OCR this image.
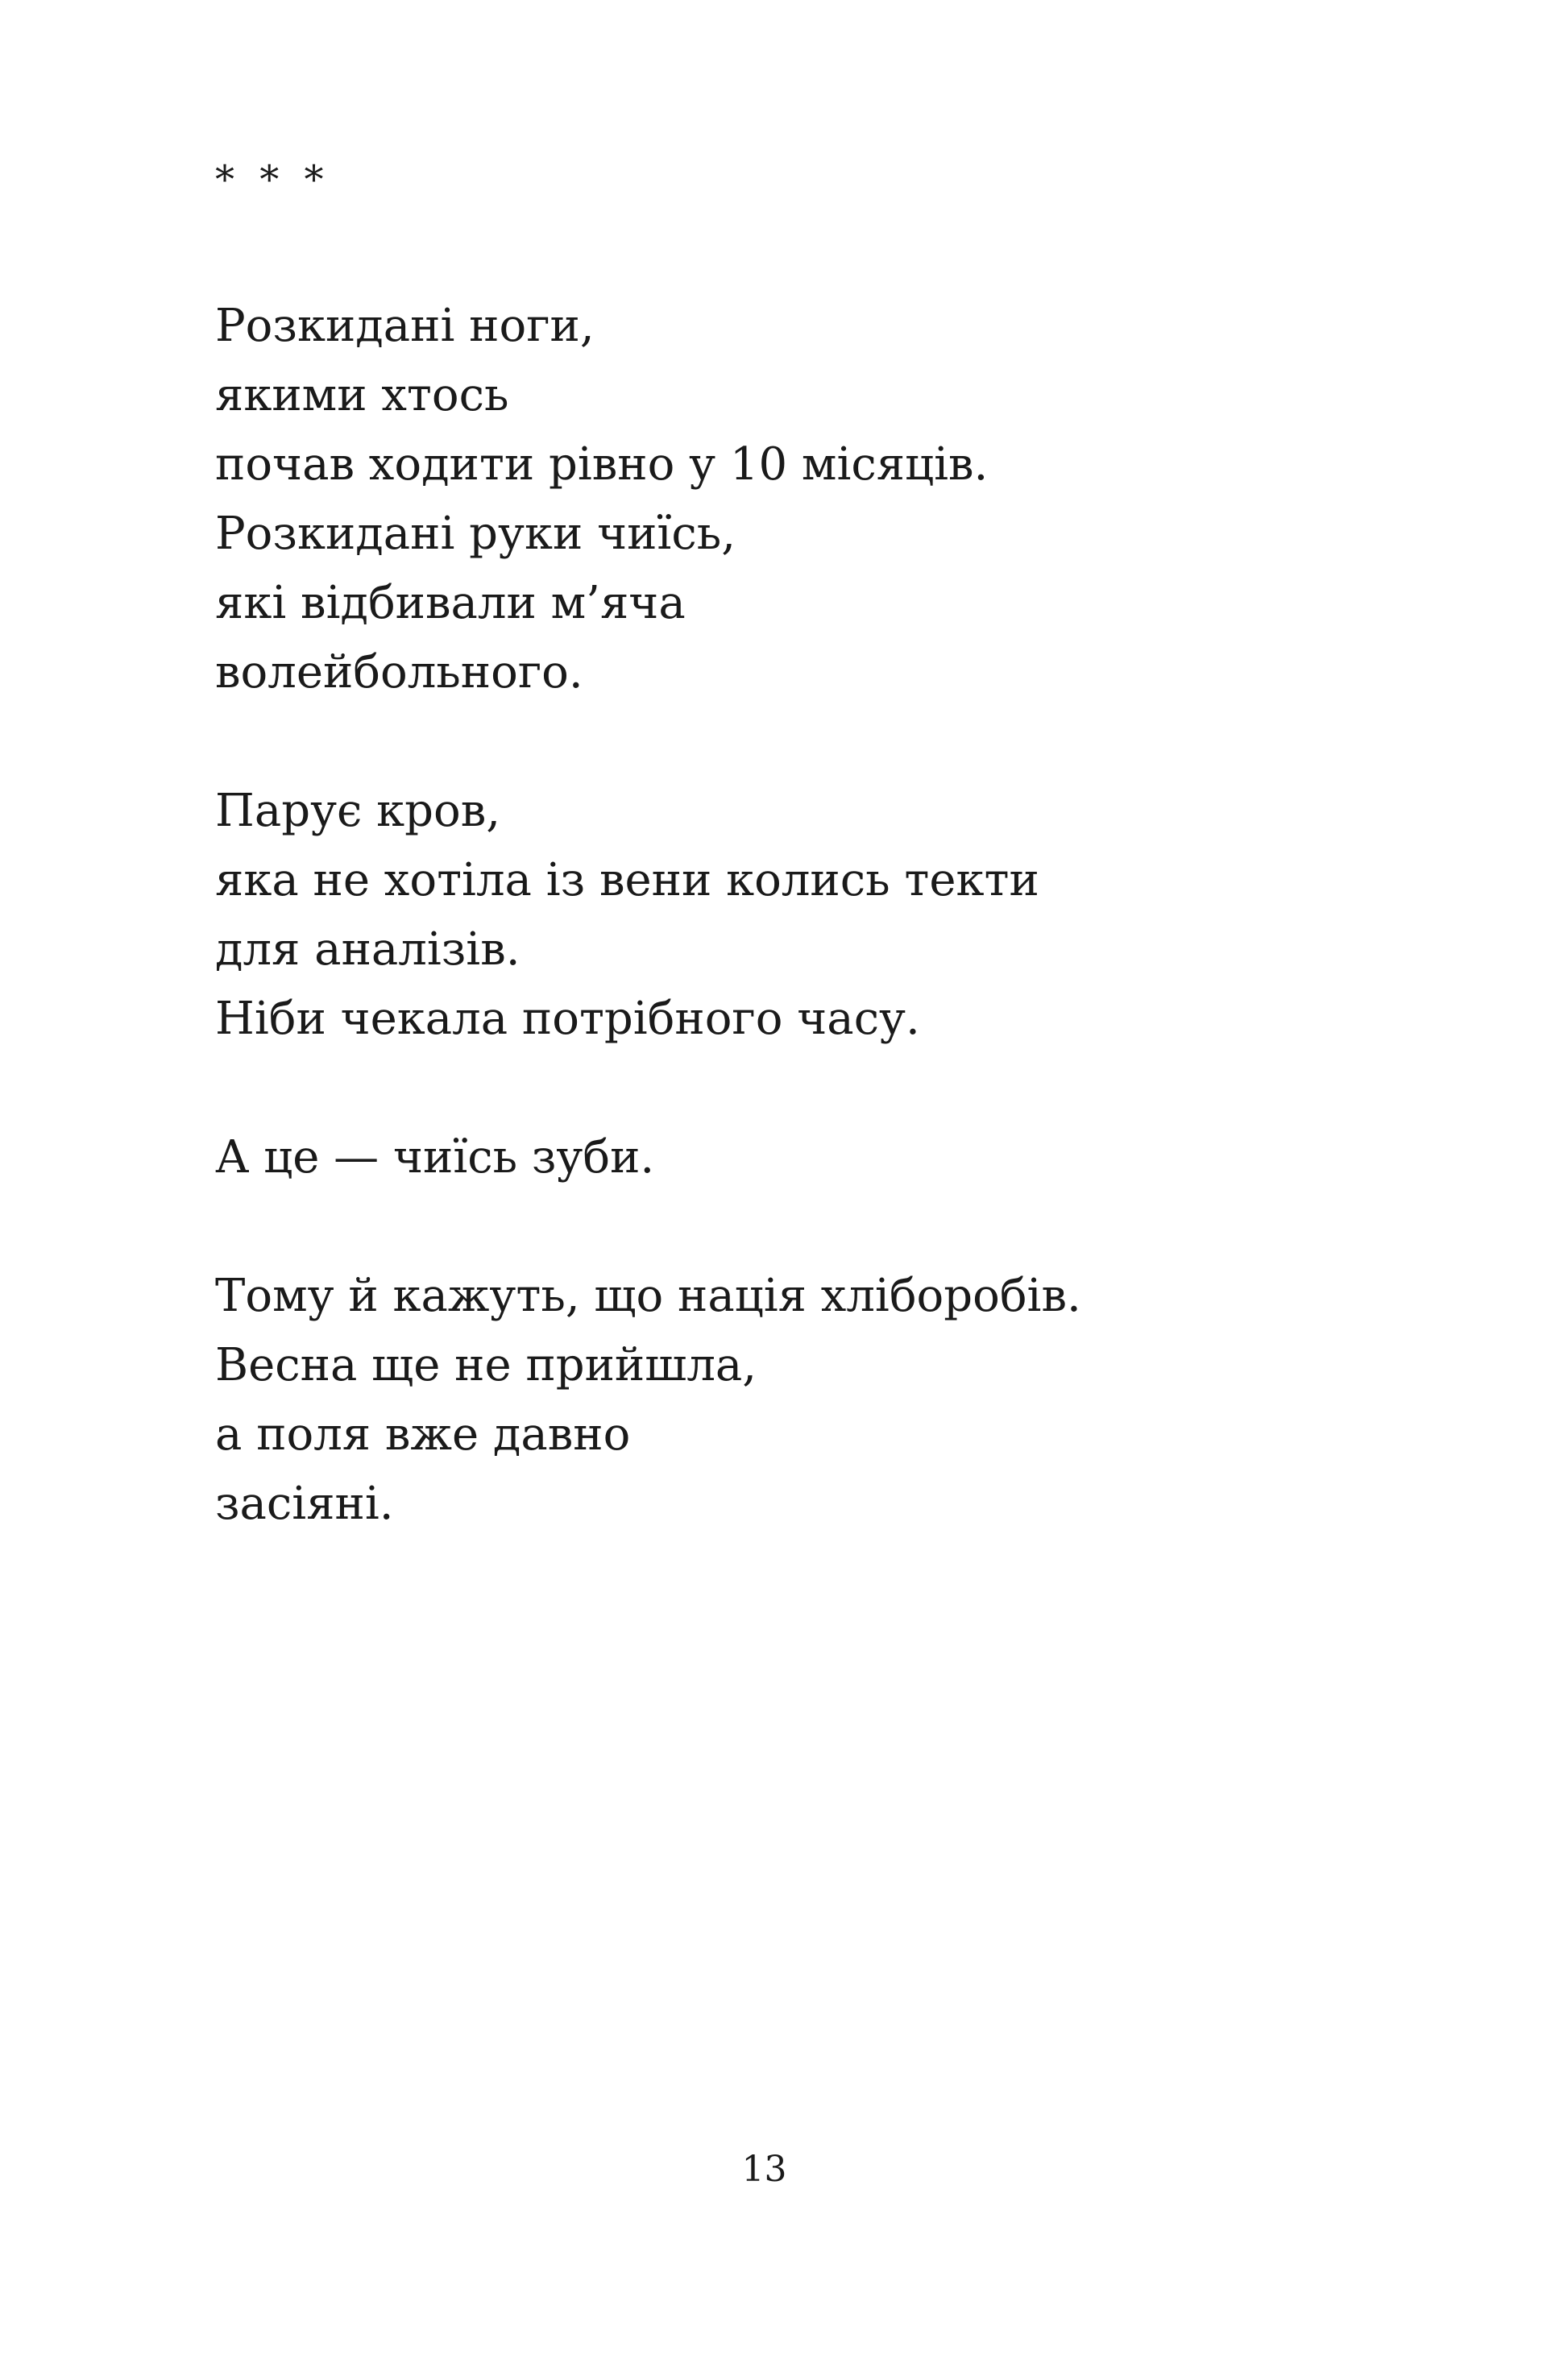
* * *
Розкидані ноги,
якими хтось
почав ходити рівно у 10 місяців.
Розкидані руки чиїсь,
які відбивали м’яча
волейбольного.
Парує кров,
яка не хотіла із вени колись текти
для аналізів.
Ніби чекала потрібного часу.
А це — чиїсь зуби.
Тому й кажуть, що нація хліборобів.
Весна ще не прийшла,
а поля вже давно
засіяні.
13
